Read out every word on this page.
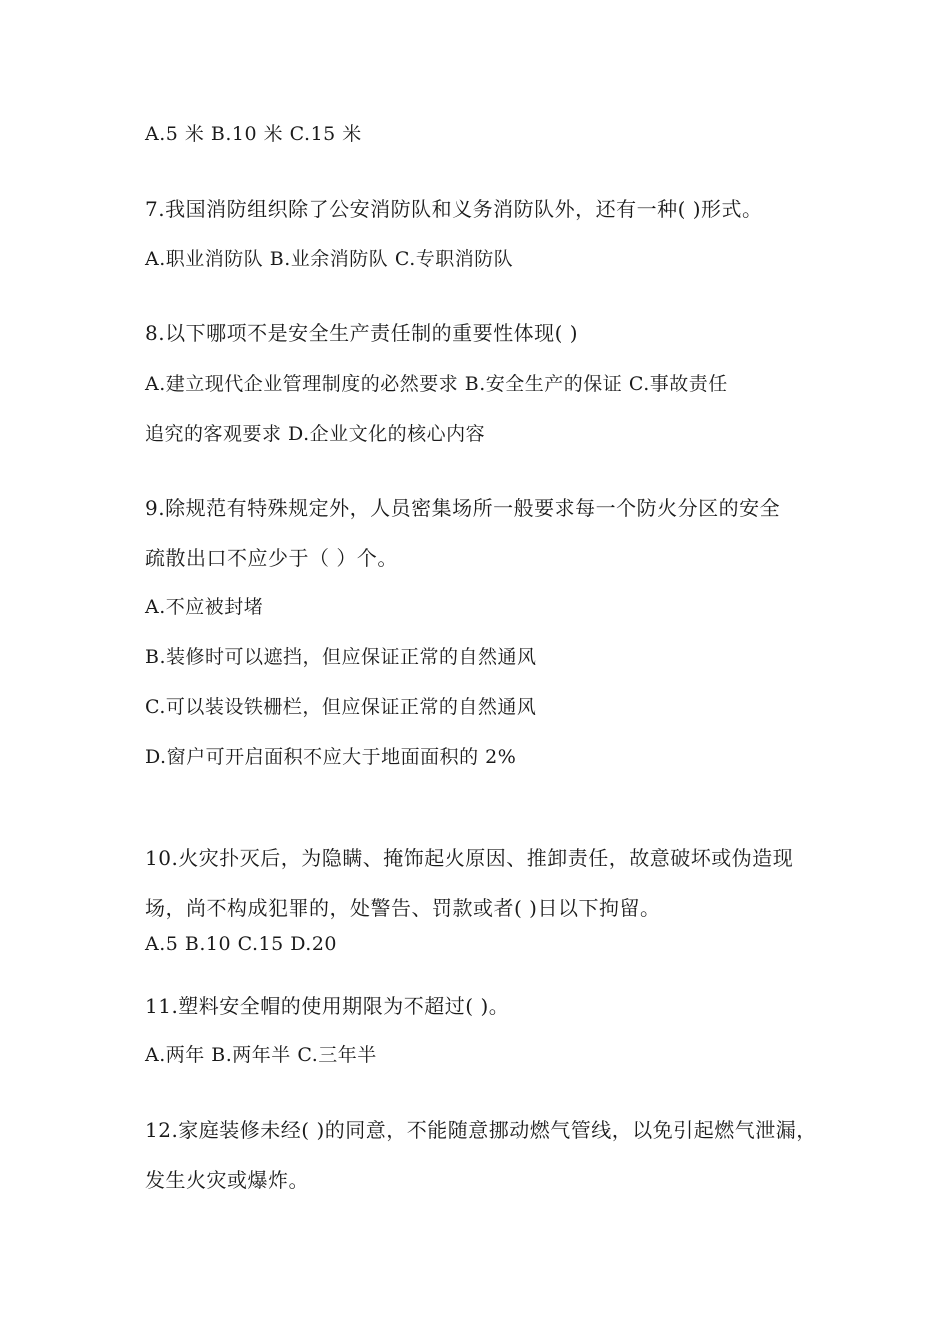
A.5 米 B.10 米 C.15 米
7.我国消防组织除了公安消防队和义务消防队外，还有一种( )形式。
A.职业消防队 B.业余消防队 C.专职消防队
8.以下哪项不是安全生产责任制的重要性体现( )
A.建立现代企业管理制度的必然要求 B.安全生产的保证 C.事故责任
追究的客观要求 D.企业文化的核心内容
9.除规范有特殊规定外，人员密集场所一般要求每一个防火分区的安全
疏散出口不应少于（ ）个。
A.不应被封堵
B.装修时可以遮挡，但应保证正常的自然通风
C.可以装设铁栅栏，但应保证正常的自然通风
D.窗户可开启面积不应大于地面面积的 2%
10.火灾扑灭后，为隐瞒、掩饰起火原因、推卸责任，故意破坏或伪造现
场，尚不构成犯罪的，处警告、罚款或者( )日以下拘留。
A.5 B.10 C.15 D.20
11.塑料安全帽的使用期限为不超过( )。
A.两年 B.两年半 C.三年半
12.家庭装修未经( )的同意，不能随意挪动燃气管线，以免引起燃气泄漏，
发生火灾或爆炸。
